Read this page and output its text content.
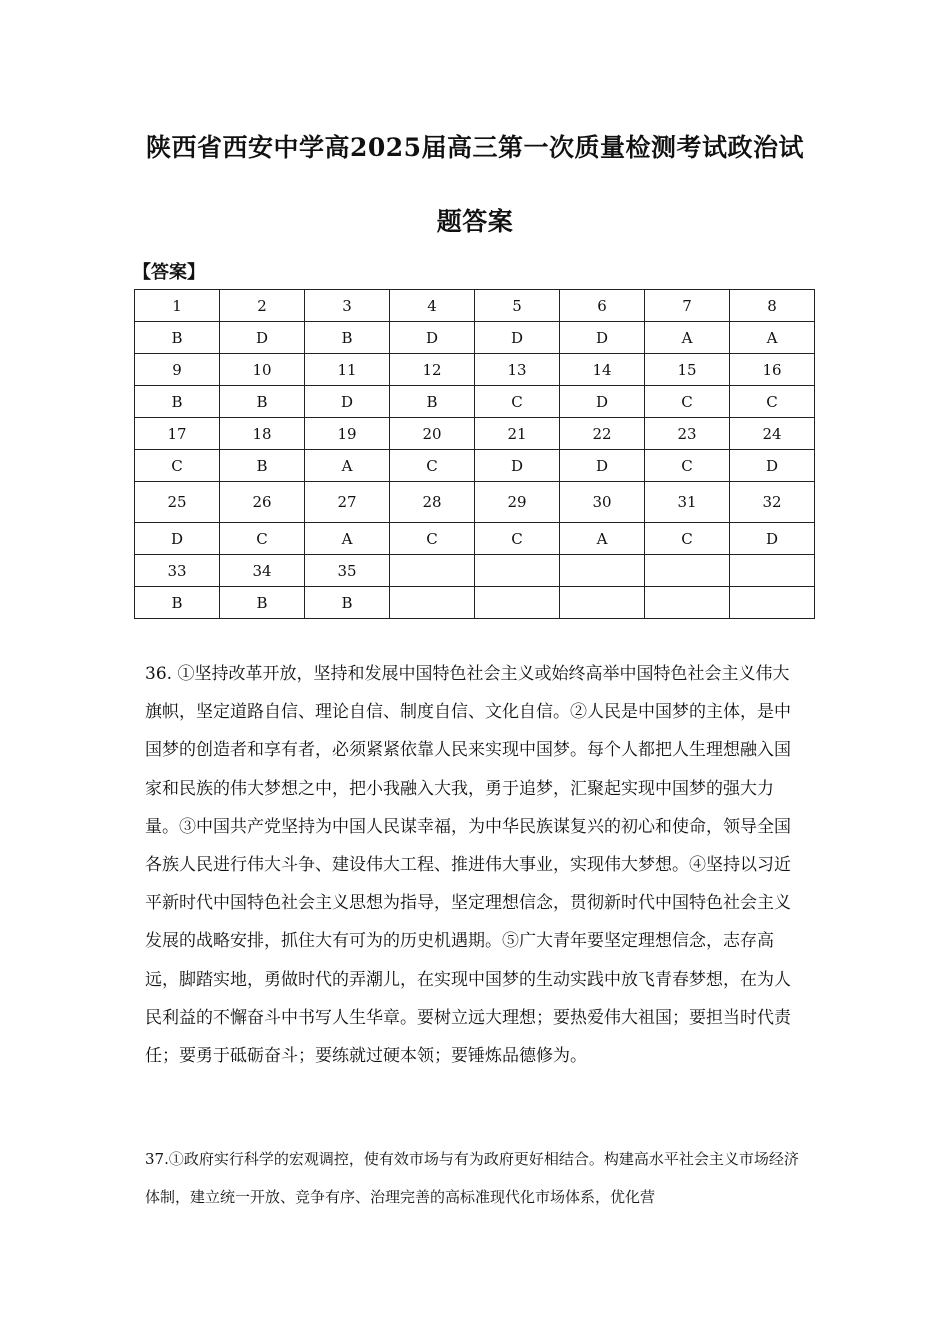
陕西省西安中学高2025届高三第一次质量检测考试政治试
题答案
【答案】
1	2	3	4	5	6	7	8
B	D	B	D	D	D	A	A
9	10	11	12	13	14	15	16
B	B	D	B	C	D	C	C
17	18	19	20	21	22	23	24
C	B	A	C	D	D	C	D
25	26	27	28	29	30	31	32
D	C	A	C	C	A	C	D
33	34	35					
B	B	B					

36. ①坚持改革开放，坚持和发展中国特色社会主义或始终高举中国特色社会主义伟大旗帜，坚定道路自信、理论自信、制度自信、文化自信。②人民是中国梦的主体，是中国梦的创造者和享有者，必须紧紧依靠人民来实现中国梦。每个人都把人生理想融入国家和民族的伟大梦想之中，把小我融入大我，勇于追梦，汇聚起实现中国梦的强大力量。③中国共产党坚持为中国人民谋幸福，为中华民族谋复兴的初心和使命，领导全国各族人民进行伟大斗争、建设伟大工程、推进伟大事业，实现伟大梦想。④坚持以习近平新时代中国特色社会主义思想为指导，坚定理想信念，贯彻新时代中国特色社会主义发展的战略安排，抓住大有可为的历史机遇期。⑤广大青年要坚定理想信念，志存高远，脚踏实地，勇做时代的弄潮儿，在实现中国梦的生动实践中放飞青春梦想，在为人民利益的不懈奋斗中书写人生华章。要树立远大理想；要热爱伟大祖国；要担当时代责任；要勇于砥砺奋斗；要练就过硬本领；要锤炼品德修为。

37.①政府实行科学的宏观调控，使有效市场与有为政府更好相结合。构建高水平社会主义市场经济体制，建立统一开放、竞争有序、治理完善的高标准现代化市场体系，优化营
